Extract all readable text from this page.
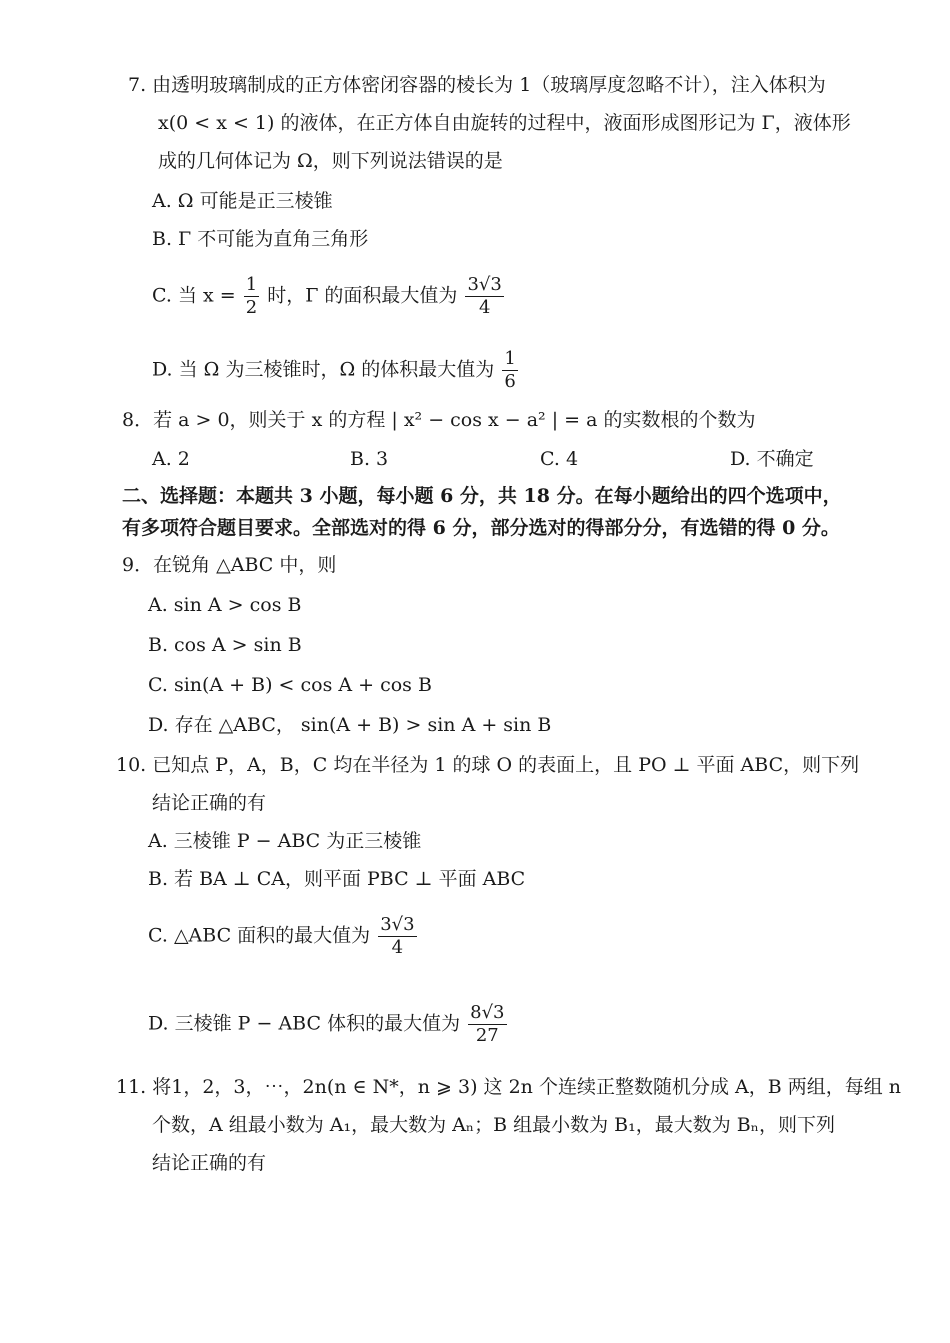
7. 由透明玻璃制成的正方体密闭容器的棱长为 1（玻璃厚度忽略不计），注入体积为
x(0 < x < 1) 的液体，在正方体自由旋转的过程中，液面形成图形记为 Γ，液体形
成的几何体记为 Ω，则下列说法错误的是
A. Ω 可能是正三棱锥
B. Γ 不可能为直角三角形
C. 当 $x = \frac{1}{2}$ 时，Γ 的面积最大值为 $\frac{3√3}{4}$
D. 当 Ω 为三棱锥时，Ω 的体积最大值为 $\frac{1}{6}$
8．若 a > 0，则关于 x 的方程 | x² − cos x − a² | = a 的实数根的个数为
A. 2	B. 3	C. 4	D. 不确定
二、选择题：本题共 3 小题，每小题 6 分，共 18 分。在每小题给出的四个选项中，
有多项符合题目要求。全部选对的得 6 分，部分选对的得部分分，有选错的得 0 分。
9．在锐角 △ABC 中，则
A. sin A > cos B
B. cos A > sin B
C. sin(A + B) < cos A + cos B
D. 存在 △ABC， sin(A + B) > sin A + sin B
10. 已知点 P，A，B，C 均在半径为 1 的球 O 的表面上，且 PO ⊥ 平面 ABC，则下列
结论正确的有
A. 三棱锥 P − ABC 为正三棱锥
B. 若 BA ⊥ CA，则平面 PBC ⊥ 平面 ABC
C. △ABC 面积的最大值为 $\frac{3√3}{4}$
D. 三棱锥 P − ABC 体积的最大值为 $\frac{8√3}{27}$
11. 将1，2，3，⋯，2n(n ∈ N*，n ⩾ 3) 这 2n 个连续正整数随机分成 A，B 两组，每组 n
个数，A 组最小数为 A₁，最大数为 Aₙ；B 组最小数为 B₁，最大数为 Bₙ，则下列
结论正确的有
